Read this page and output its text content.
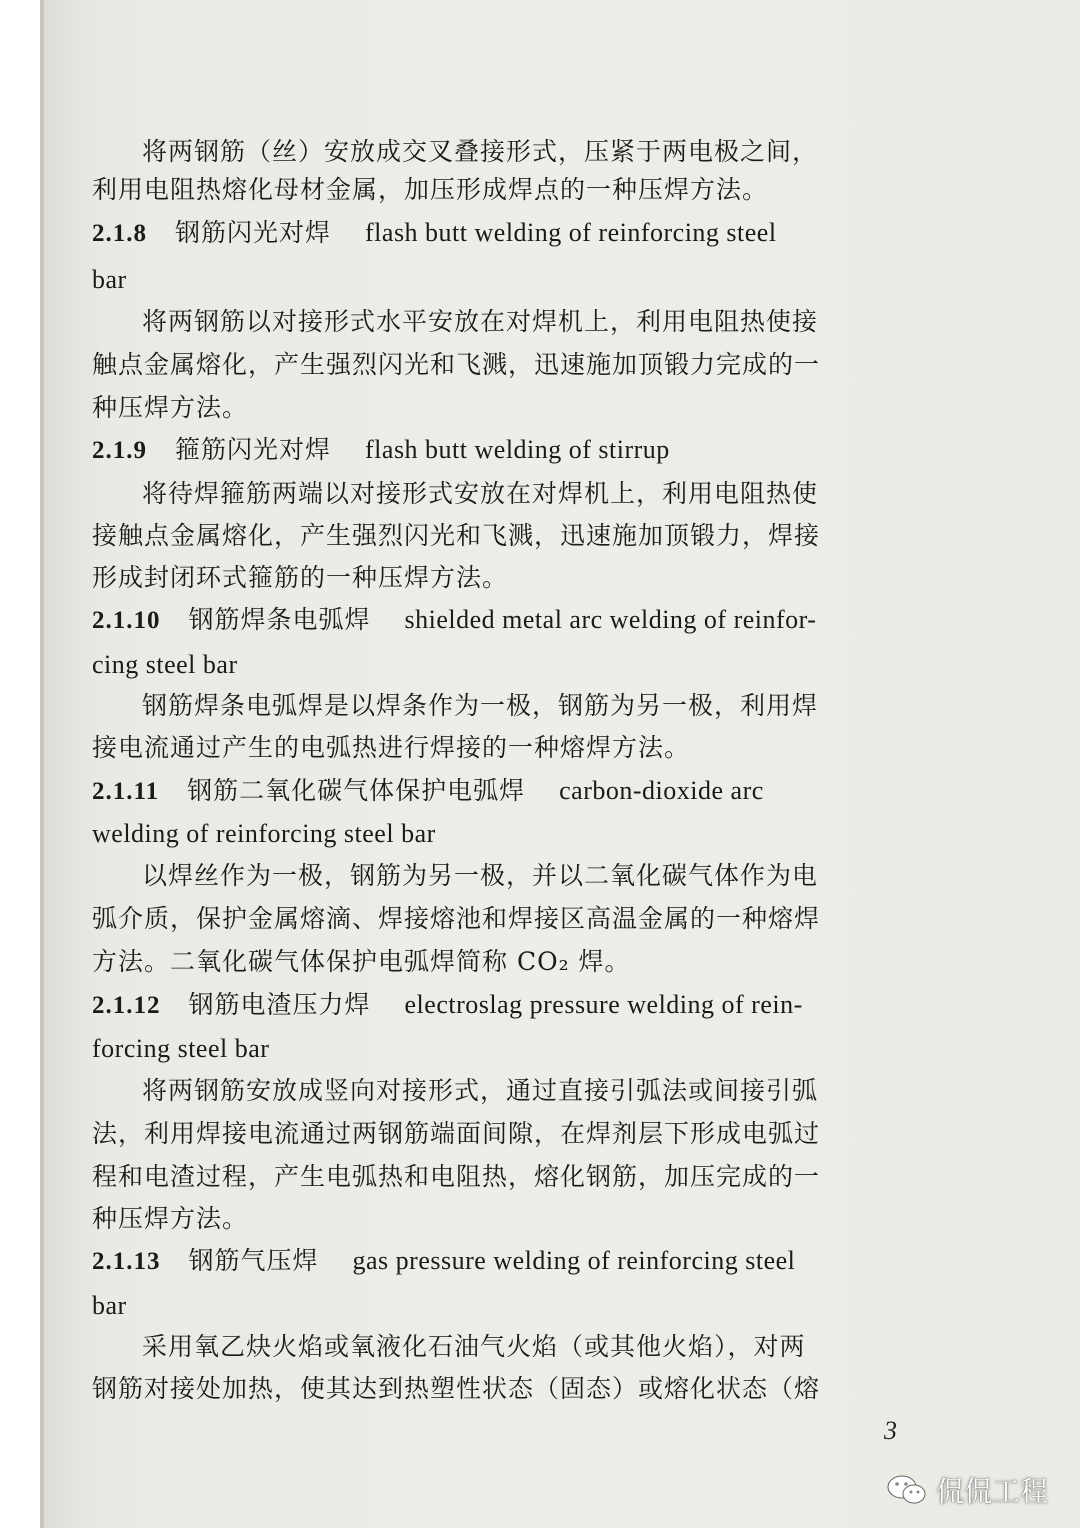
将两钢筋（丝）安放成交叉叠接形式，压紧于两电极之间，
利用电阻热熔化母材金属，加压形成焊点的一种压焊方法。
2.1.8 钢筋闪光对焊 flash butt welding of reinforcing steel
bar
将两钢筋以对接形式水平安放在对焊机上，利用电阻热使接
触点金属熔化，产生强烈闪光和飞溅，迅速施加顶锻力完成的一
种压焊方法。
2.1.9 箍筋闪光对焊 flash butt welding of stirrup
将待焊箍筋两端以对接形式安放在对焊机上，利用电阻热使
接触点金属熔化，产生强烈闪光和飞溅，迅速施加顶锻力，焊接
形成封闭环式箍筋的一种压焊方法。
2.1.10 钢筋焊条电弧焊 shielded metal arc welding of reinfor-
cing steel bar
钢筋焊条电弧焊是以焊条作为一极，钢筋为另一极，利用焊
接电流通过产生的电弧热进行焊接的一种熔焊方法。
2.1.11 钢筋二氧化碳气体保护电弧焊 carbon-dioxide arc
welding of reinforcing steel bar
以焊丝作为一极，钢筋为另一极，并以二氧化碳气体作为电
弧介质，保护金属熔滴、焊接熔池和焊接区高温金属的一种熔焊
方法。二氧化碳气体保护电弧焊简称 CO₂ 焊。
2.1.12 钢筋电渣压力焊 electroslag pressure welding of rein-
forcing steel bar
将两钢筋安放成竖向对接形式，通过直接引弧法或间接引弧
法，利用焊接电流通过两钢筋端面间隙，在焊剂层下形成电弧过
程和电渣过程，产生电弧热和电阻热，熔化钢筋，加压完成的一
种压焊方法。
2.1.13 钢筋气压焊 gas pressure welding of reinforcing steel
bar
采用氧乙炔火焰或氧液化石油气火焰（或其他火焰），对两
钢筋对接处加热，使其达到热塑性状态（固态）或熔化状态（熔
3
侃侃工程
